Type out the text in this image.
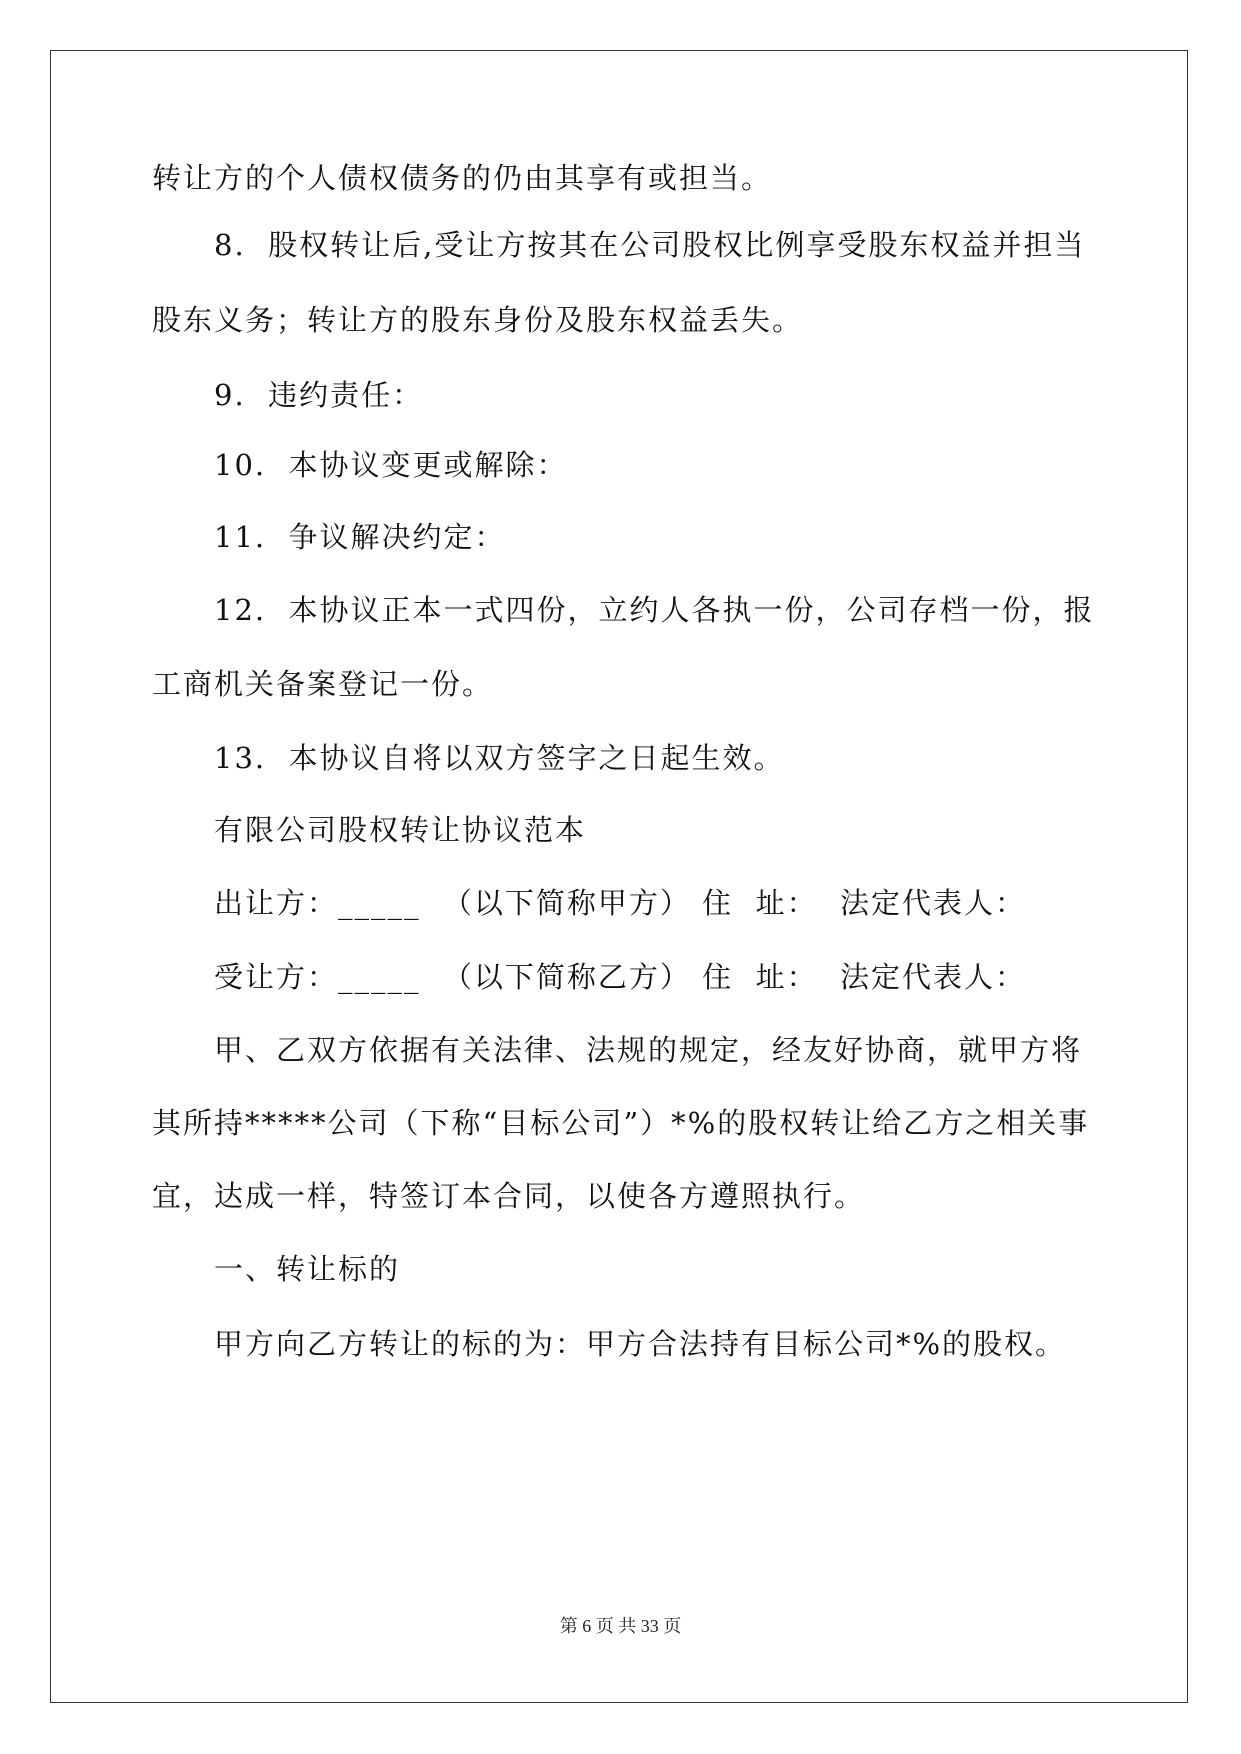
转让方的个人债权债务的仍由其享有或担当。
8.  股权转让后,受让方按其在公司股权比例享受股东权益并担当
股东义务；转让方的股东身份及股东权益丢失。
9.  违约责任：
10.  本协议变更或解除：
11.  争议解决约定：
12.  本协议正本一式四份，立约人各执一份，公司存档一份，报
工商机关备案登记一份。
13.  本协议自将以双方签字之日起生效。
有限公司股权转让协议范本
出让方：_____  （以下简称甲方） 住  址：  法定代表人：
受让方：_____  （以下简称乙方） 住  址：  法定代表人：
甲、乙双方依据有关法律、法规的规定，经友好协商，就甲方将
其所持*****公司（下称“目标公司”）*%的股权转让给乙方之相关事
宜，达成一样，特签订本合同，以使各方遵照执行。
一、转让标的
甲方向乙方转让的标的为：甲方合法持有目标公司*%的股权。
第 6 页 共 33 页
